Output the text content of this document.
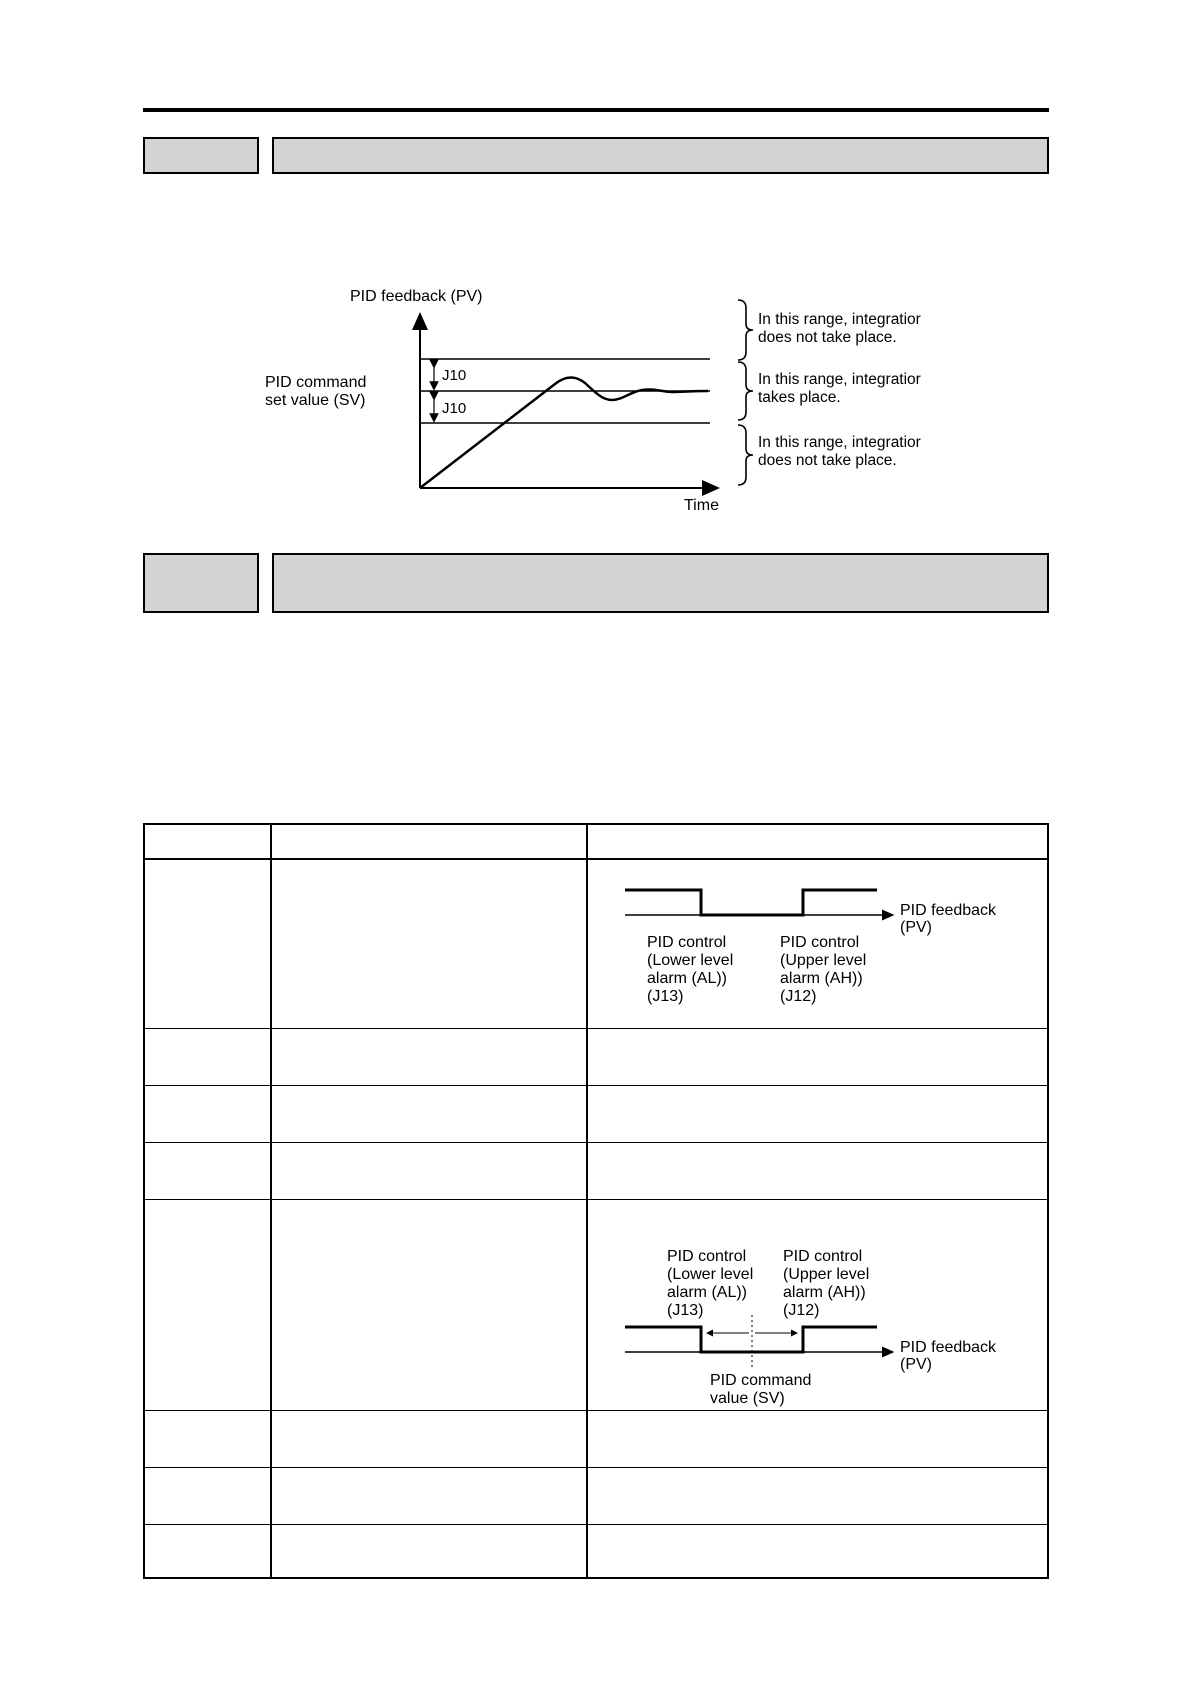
J10
J10
PID feedback (PV)
Time
PID command
set value (SV)
In this range, integratior
does not take place.
In this range, integratior
takes place.
In this range, integratior
does not take place.
PID feedback
(PV)
PID control
(Lower level
alarm (AL))
(J13)
PID control
(Upper level
alarm (AH))
(J12)
PID control
(Lower level
alarm (AL))
(J13)
PID control
(Upper level
alarm (AH))
(J12)
PID feedback
(PV)
PID command
value (SV)
